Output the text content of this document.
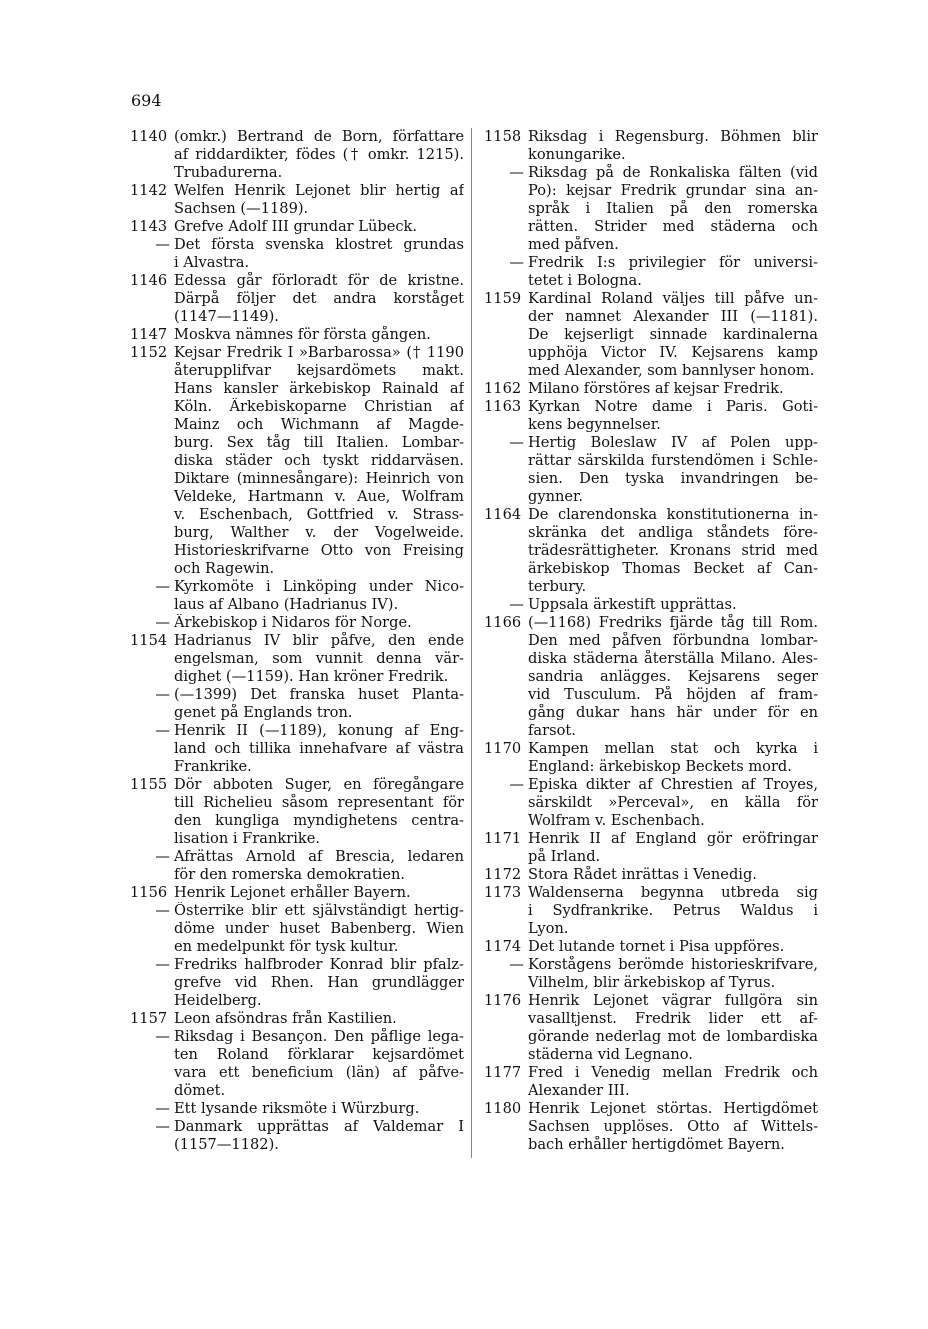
694
1140 (omkr.) Bertrand de Born, författare
af riddardikter, födes († omkr. 1215).
Trubadurerna.
1142 Welfen Henrik Lejonet blir hertig af
Sachsen (—1189).
1143 Grefve Adolf III grundar Lübeck.
— Det första svenska klostret grundas
i Alvastra.
1146 Edessa går förloradt för de kristne.
Därpå följer det andra korståget
(1147—1149).
1147 Moskva nämnes för första gången.
1152 Kejsar Fredrik I »Barbarossa» († 1190
återupplifvar kejsardömets makt.
Hans kansler ärkebiskop Rainald af
Köln. Ärkebiskoparne Christian af
Mainz och Wichmann af Magde-
burg. Sex tåg till Italien. Lombar-
diska städer och tyskt riddarväsen.
Diktare (minnesångare): Heinrich von
Veldeke, Hartmann v. Aue, Wolfram
v. Eschenbach, Gottfried v. Strass-
burg, Walther v. der Vogelweide.
Historieskrifvarne Otto von Freising
och Ragewin.
— Kyrkomöte i Linköping under Nico-
laus af Albano (Hadrianus IV).
— Ärkebiskop i Nidaros för Norge.
1154 Hadrianus IV blir påfve, den ende
engelsman, som vunnit denna vär-
dighet (—1159). Han kröner Fredrik.
— (—1399) Det franska huset Planta-
genet på Englands tron.
— Henrik II (—1189), konung af Eng-
land och tillika innehafvare af västra
Frankrike.
1155 Dör abboten Suger, en föregångare
till Richelieu såsom representant för
den kungliga myndighetens centra-
lisation i Frankrike.
— Afrättas Arnold af Brescia, ledaren
för den romerska demokratien.
1156 Henrik Lejonet erhåller Bayern.
— Österrike blir ett självständigt hertig-
döme under huset Babenberg. Wien
en medelpunkt för tysk kultur.
— Fredriks halfbroder Konrad blir pfalz-
grefve vid Rhen. Han grundlägger
Heidelberg.
1157 Leon afsöndras från Kastilien.
— Riksdag i Besançon. Den påflige lega-
ten Roland förklarar kejsardömet
vara ett beneficium (län) af påfve-
dömet.
— Ett lysande riksmöte i Würzburg.
— Danmark upprättas af Valdemar I
(1157—1182).
1158 Riksdag i Regensburg. Böhmen blir
konungarike.
— Riksdag på de Ronkaliska fälten (vid
Po): kejsar Fredrik grundar sina an-
språk i Italien på den romerska
rätten. Strider med städerna och
med påfven.
— Fredrik I:s privilegier för universi-
tetet i Bologna.
1159 Kardinal Roland väljes till påfve un-
der namnet Alexander III (—1181).
De kejserligt sinnade kardinalerna
upphöja Victor IV. Kejsarens kamp
med Alexander, som bannlyser honom.
1162 Milano förstöres af kejsar Fredrik.
1163 Kyrkan Notre dame i Paris. Goti-
kens begynnelser.
— Hertig Boleslaw IV af Polen upp-
rättar särskilda furstendömen i Schle-
sien. Den tyska invandringen be-
gynner.
1164 De clarendonska konstitutionerna in-
skränka det andliga ståndets före-
trädesrättigheter. Kronans strid med
ärkebiskop Thomas Becket af Can-
terbury.
— Uppsala ärkestift upprättas.
1166 (—1168) Fredriks fjärde tåg till Rom.
Den med påfven förbundna lombar-
diska städerna återställa Milano. Ales-
sandria anlägges. Kejsarens seger
vid Tusculum. På höjden af fram-
gång dukar hans här under för en
farsot.
1170 Kampen mellan stat och kyrka i
England: ärkebiskop Beckets mord.
— Episka dikter af Chrestien af Troyes,
särskildt »Perceval», en källa för
Wolfram v. Eschenbach.
1171 Henrik II af England gör eröfringar
på Irland.
1172 Stora Rådet inrättas i Venedig.
1173 Waldenserna begynna utbreda sig
i Sydfrankrike. Petrus Waldus i
Lyon.
1174 Det lutande tornet i Pisa uppföres.
— Korstågens berömde historieskrifvare,
Vilhelm, blir ärkebiskop af Tyrus.
1176 Henrik Lejonet vägrar fullgöra sin
vasalltjenst. Fredrik lider ett af-
görande nederlag mot de lombardiska
städerna vid Legnano.
1177 Fred i Venedig mellan Fredrik och
Alexander III.
1180 Henrik Lejonet störtas. Hertigdömet
Sachsen upplöses. Otto af Wittels-
bach erhåller hertigdömet Bayern.
